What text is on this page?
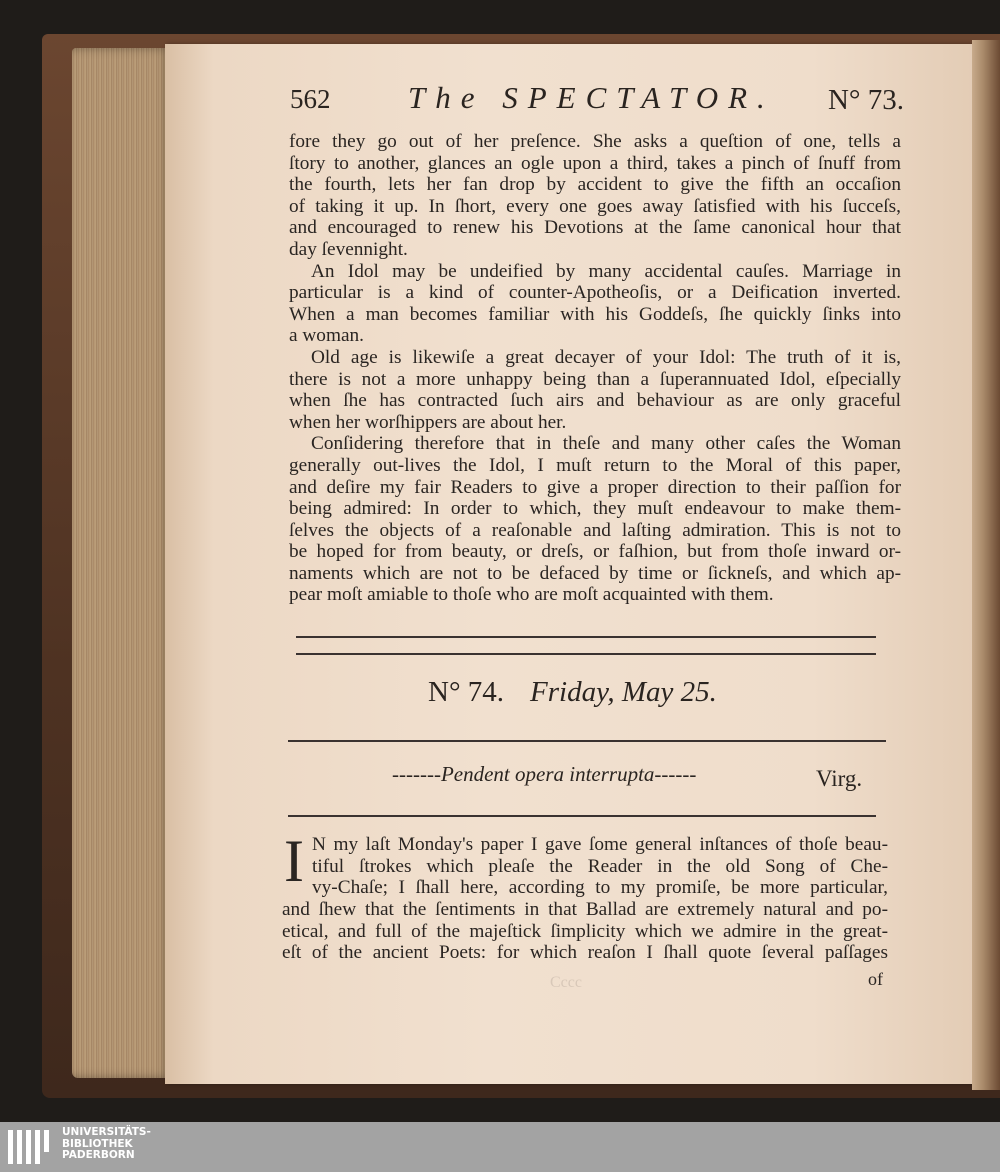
562	The SPECTATOR. N° 73.
fore they go out of her preſence. She asks a queſtion of one, tells a
ſtory to another, glances an ogle upon a third, takes a pinch of ſnuff from
the fourth, lets her fan drop by accident to give the fifth an occaſion
of taking it up. In ſhort, every one goes away ſatisfied with his ſucceſs,
and encouraged to renew his Devotions at the ſame canonical hour that
day ſevennight.
An Idol may be undeified by many accidental cauſes. Marriage in
particular is a kind of counter-Apotheoſis, or a Deification inverted.
When a man becomes familiar with his Goddeſs, ſhe quickly ſinks into
a woman.
Old age is likewiſe a great decayer of your Idol: The truth of it is,
there is not a more unhappy being than a ſuperannuated Idol, eſpecially
when ſhe has contracted ſuch airs and behaviour as are only graceful
when her worſhippers are about her.
Conſidering therefore that in theſe and many other caſes the Woman
generally out-lives the Idol, I muſt return to the Moral of this paper,
and deſire my fair Readers to give a proper direction to their paſſion for
being admired: In order to which, they muſt endeavour to make them-
ſelves the objects of a reaſonable and laſting admiration. This is not to
be hoped for from beauty, or dreſs, or faſhion, but from thoſe inward or-
naments which are not to be defaced by time or ſickneſs, and which ap-
pear moſt amiable to thoſe who are moſt acquainted with them.
N° 74. Friday, May 25.
-------Pendent opera interrupta------	Virg.
I N my laſt Monday's paper I gave ſome general inſtances of thoſe beau-
tiful ſtrokes which pleaſe the Reader in the old Song of Che-
vy-Chaſe; I ſhall here, according to my promiſe, be more particular,
and ſhew that the ſentiments in that Ballad are extremely natural and po-
etical, and full of the majeſtick ſimplicity which we admire in the great-
eſt of the ancient Poets: for which reaſon I ſhall quote ſeveral paſſages
Cccc	of
UNIVERSITÄTS-
BIBLIOTHEK
PADERBORN
